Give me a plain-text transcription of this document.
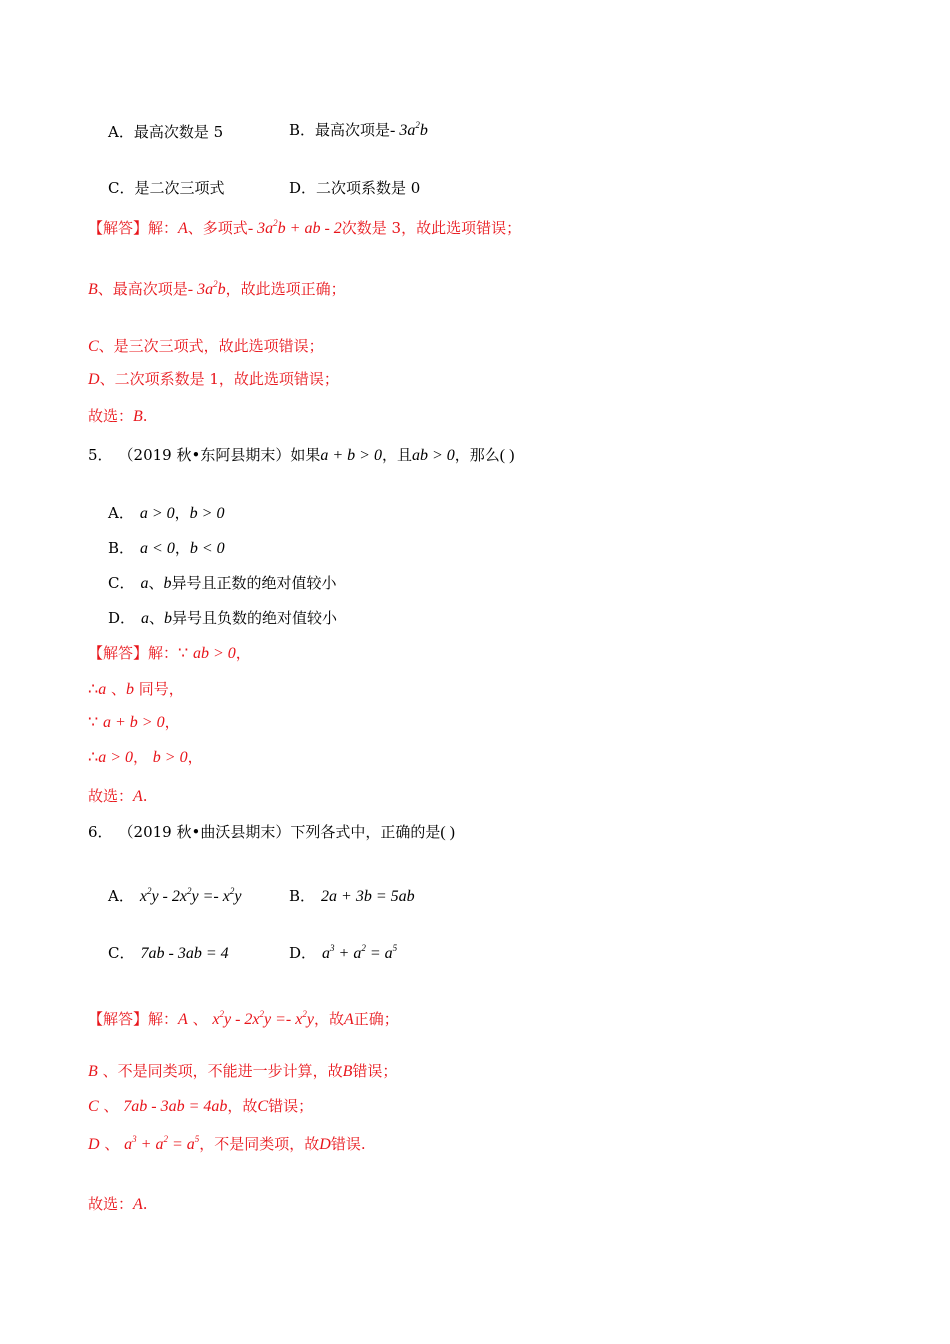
A．最高次数是 5	B．最高次项是- $3a^2b$
C．是二次三项式	D．二次项系数是 0
【解答】解：A、多项式- $3a^2b$ + ab - 2次数是 3，故此选项错误；
B、最高次项是- $3a^2b$，故此选项正确；
C、是三次三项式，故此选项错误；
D、二次项系数是 1，故此选项错误；
故选：B.
5． （2019 秋•东阿县期末）如果a + b > 0，且ab > 0，那么( )
A． a > 0，b > 0
B． a < 0，b < 0
C． a、b异号且正数的绝对值较小
D． a、b异号且负数的绝对值较小
【解答】解：∵ ab > 0，
∴a 、b 同号，
∵ a + b > 0，
∴a > 0， b > 0，
故选：A.
6． （2019 秋•曲沃县期末）下列各式中，正确的是( )
A． $x^2y - 2x^2y =- x^2y$	B． 2a + 3b = 5ab
C． 7ab - 3ab = 4	D． $a^3 + a^2 = a^5$
【解答】解：A 、 $x^2y - 2x^2y =- x^2y$，故A正确；
B 、不是同类项，不能进一步计算，故B错误；
C 、 7ab - 3ab = 4ab，故C错误；
D 、 $a^3 + a^2 = a^5$，不是同类项，故D错误.
故选：A.
